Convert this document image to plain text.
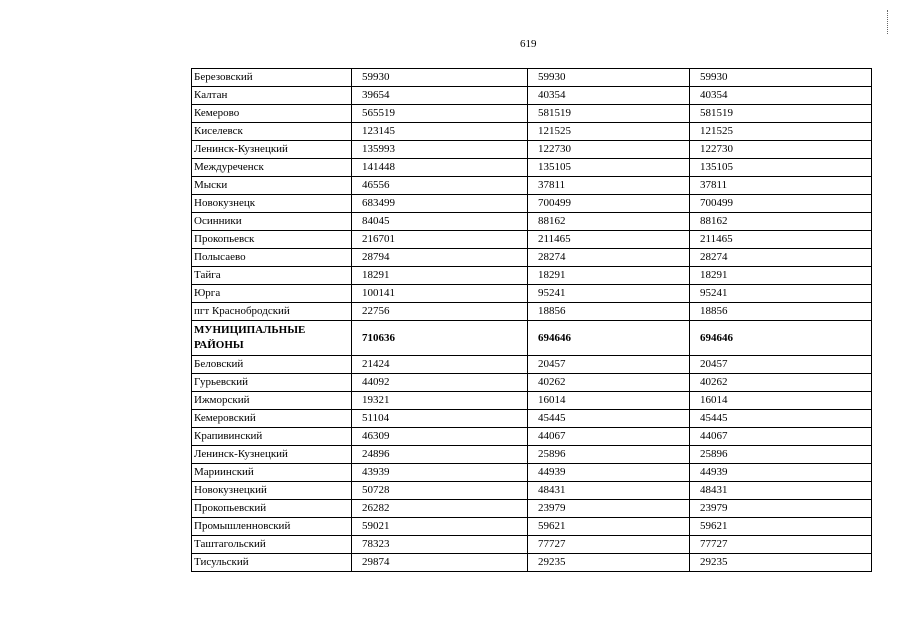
619
Березовский	59930	59930	59930
Калтан	39654	40354	40354
Кемерово	565519	581519	581519
Киселевск	123145	121525	121525
Ленинск-Кузнецкий	135993	122730	122730
Междуреченск	141448	135105	135105
Мыски	46556	37811	37811
Новокузнецк	683499	700499	700499
Осинники	84045	88162	88162
Прокопьевск	216701	211465	211465
Полысаево	28794	28274	28274
Тайга	18291	18291	18291
Юрга	100141	95241	95241
пгт Краснобродский	22756	18856	18856
МУНИЦИПАЛЬНЫЕ РАЙОНЫ	710636	694646	694646
Беловский	21424	20457	20457
Гурьевский	44092	40262	40262
Ижморский	19321	16014	16014
Кемеровский	51104	45445	45445
Крапивинский	46309	44067	44067
Ленинск-Кузнецкий	24896	25896	25896
Мариинский	43939	44939	44939
Новокузнецкий	50728	48431	48431
Прокопьевский	26282	23979	23979
Промышленновский	59021	59621	59621
Таштагольский	78323	77727	77727
Тисульский	29874	29235	29235
